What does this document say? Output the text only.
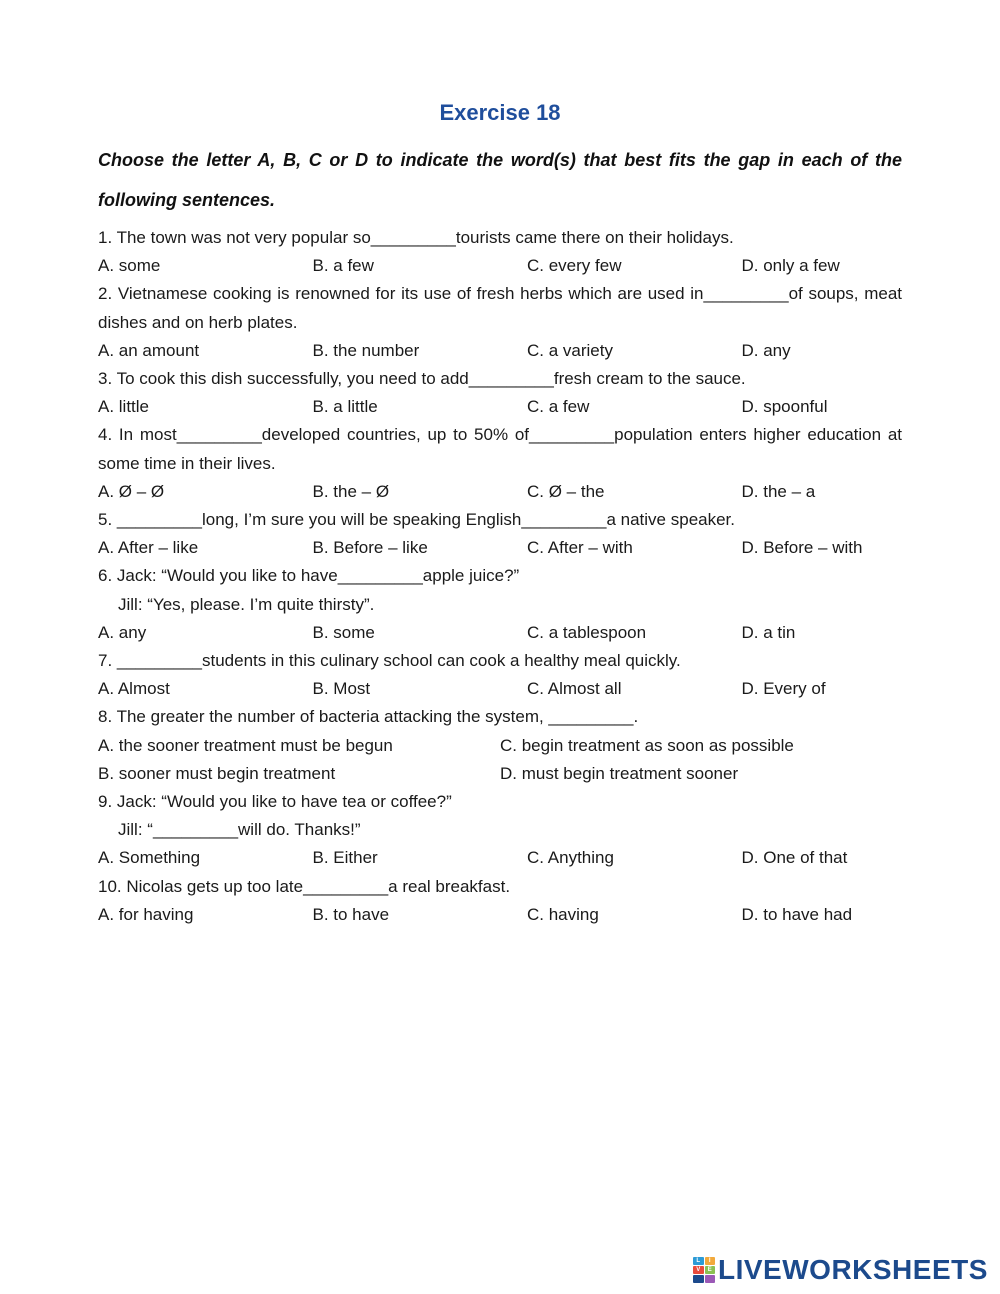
Exercise 18
Choose the letter A, B, C or D to indicate the word(s) that best fits the gap in each of the following sentences.
1. The town was not very popular so_________tourists came there on their holidays.
A. some	B. a few	C. every few	D. only a few
2. Vietnamese cooking is renowned for its use of fresh herbs which are used in_________of soups, meat dishes and on herb plates.
A. an amount	B. the number	C. a variety	D. any
3. To cook this dish successfully, you need to add_________fresh cream to the sauce.
A. little	B. a little	C. a few	D. spoonful
4. In most_________developed countries, up to 50% of_________population enters higher education at some time in their lives.
A. Ø – Ø	B. the – Ø	C. Ø – the	D. the – a
5. _________long, I’m sure you will be speaking English_________a native speaker.
A. After – like	B. Before – like	C. After – with	D. Before – with
6. Jack: “Would you like to have_________apple juice?”
Jill: “Yes, please. I’m quite thirsty”.
A. any	B. some	C. a tablespoon	D. a tin
7. _________students in this culinary school can cook a healthy meal quickly.
A. Almost	B. Most	C. Almost all	D. Every of
8. The greater the number of bacteria attacking the system, _________.
A. the sooner treatment must be begun	C. begin treatment as soon as possible
B. sooner must begin treatment	D. must begin treatment sooner
9. Jack: “Would you like to have tea or coffee?”
Jill: “_________will do. Thanks!”
A. Something	B. Either	C. Anything	D. One of that
10. Nicolas gets up too late_________a real breakfast.
A. for having	B. to have	C. having	D. to have had
L	I
V	E LIVEWORKSHEETS
